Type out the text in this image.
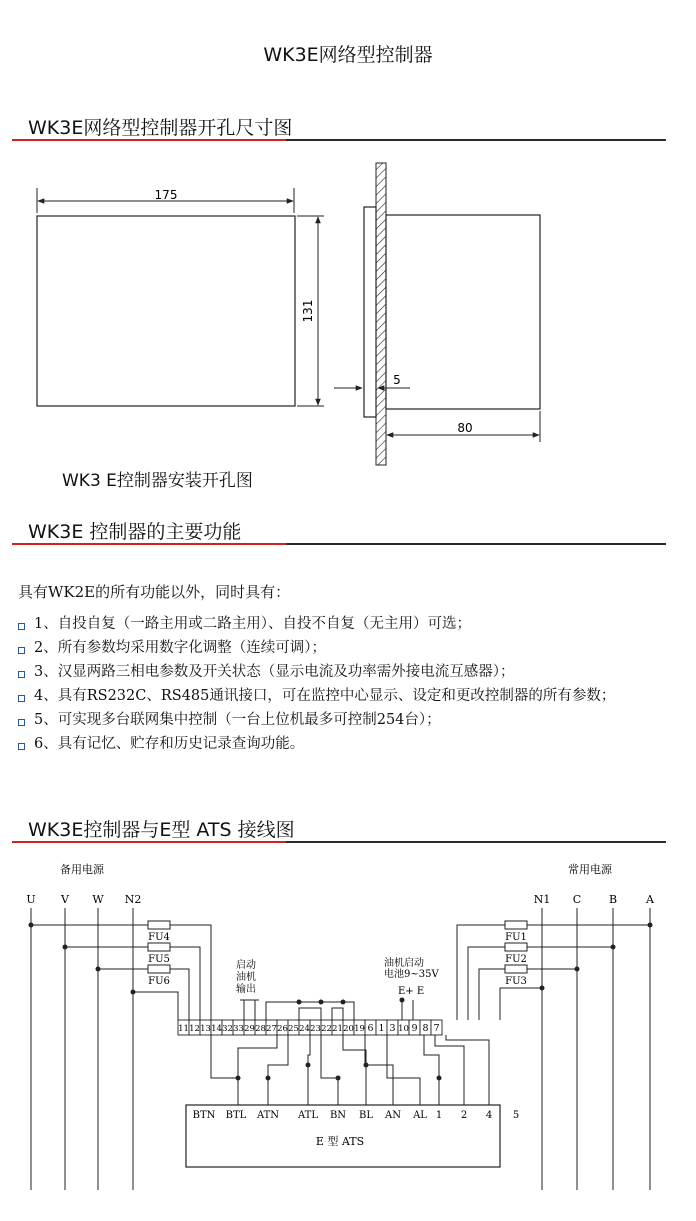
WK3E网络型控制器
WK3E网络型控制器开孔尺寸图
175
131
5
80
WK3 E控制器安装开孔图
WK3E 控制器的主要功能
具有WK2E的所有功能以外，同时具有：
1、自投自复（一路主用或二路主用）、自投不自复（无主用）可选；
2、所有参数均采用数字化调整（连续可调）；
3、汉显两路三相电参数及开关状态（显示电流及功率需外接电流互感器）；
4、具有RS232C、RS485通讯接口，可在监控中心显示、设定和更改控制器的所有参数；
5、可实现多台联网集中控制（一台上位机最多可控制254台）；
6、具有记忆、贮存和历史记录查询功能。
WK3E控制器与E型 ATS 接线图
备用电源	常用电源
U V W N2	N1 C	B	A
FU4
FU5
FU6
FU1
FU2
FU3
启动
油机
输出
油机启动
电池9~35V
E+ E
11 12 13 14 32 33 29 28 27 26 25 24 23 22 21 20 19 6 1 3 10 9 8 7
BTN BTL ATN ATL BN BL AN AL 1 2 4 5
E 型 ATS
